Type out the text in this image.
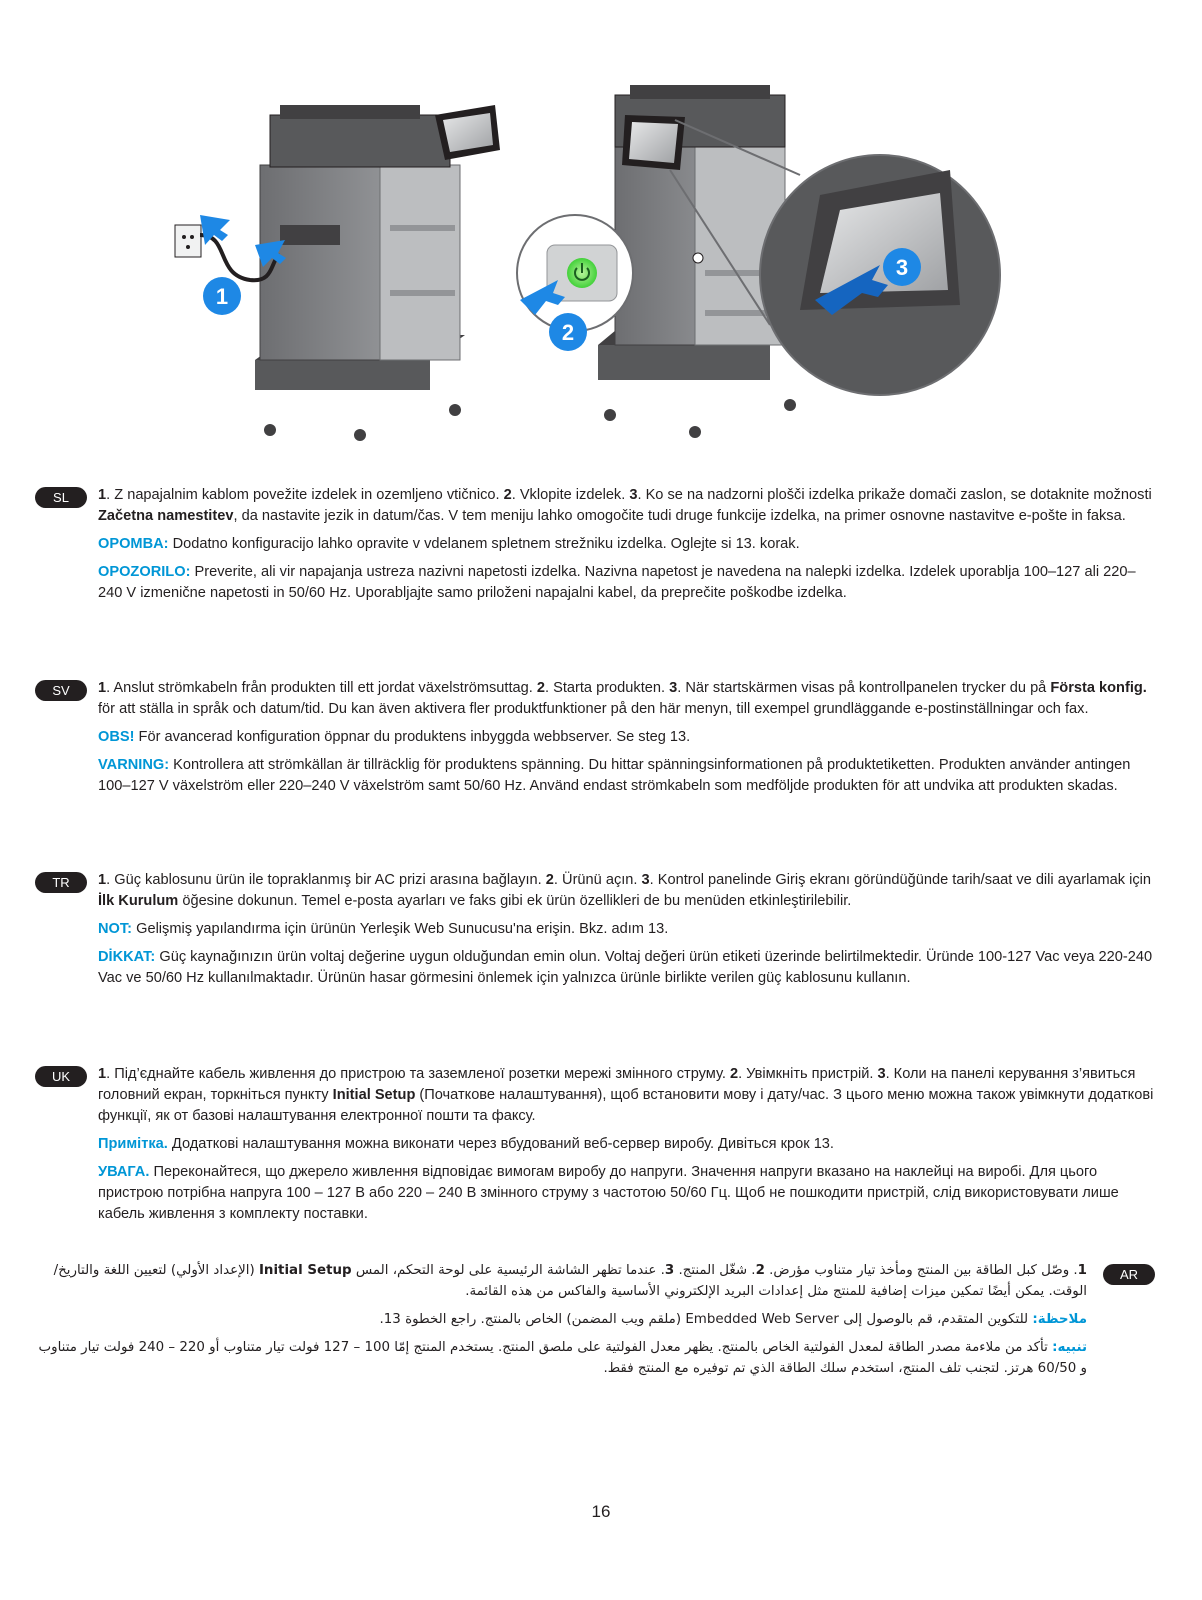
1
2
3
SL	1. Z napajalnim kablom povežite izdelek in ozemljeno vtičnico. 2. Vklopite izdelek. 3. Ko se na nadzorni plošči izdelka prikaže domači zaslon, se dotaknite možnosti Začetna namestitev, da nastavite jezik in datum/čas. V tem meniju lahko omogočite tudi druge funkcije izdelka, na primer osnovne nastavitve e-pošte in faksa.

OPOMBA: Dodatno konfiguracijo lahko opravite v vdelanem spletnem strežniku izdelka. Oglejte si 13. korak.

OPOZORILO: Preverite, ali vir napajanja ustreza nazivni napetosti izdelka. Nazivna napetost je navedena na nalepki izdelka. Izdelek uporablja 100–127 ali 220–240 V izmenične napetosti in 50/60 Hz. Uporabljajte samo priloženi napajalni kabel, da preprečite poškodbe izdelka.

SV	1. Anslut strömkabeln från produkten till ett jordat växelströmsuttag. 2. Starta produkten. 3. När startskärmen visas på kontrollpanelen trycker du på Första konfig. för att ställa in språk och datum/tid. Du kan även aktivera fler produktfunktioner på den här menyn, till exempel grundläggande e-postinställningar och fax.

OBS! För avancerad konfiguration öppnar du produktens inbyggda webbserver. Se steg 13.

VARNING: Kontrollera att strömkällan är tillräcklig för produktens spänning. Du hittar spänningsinformationen på produktetiketten. Produkten använder antingen 100–127 V växelström eller 220–240 V växelström samt 50/60 Hz. Använd endast strömkabeln som medföljde produkten för att undvika att produkten skadas.

TR	1. Güç kablosunu ürün ile topraklanmış bir AC prizi arasına bağlayın. 2. Ürünü açın. 3. Kontrol panelinde Giriş ekranı göründüğünde tarih/saat ve dili ayarlamak için İlk Kurulum öğesine dokunun. Temel e-posta ayarları ve faks gibi ek ürün özellikleri de bu menüden etkinleştirilebilir.

NOT: Gelişmiş yapılandırma için ürünün Yerleşik Web Sunucusu'na erişin. Bkz. adım 13.

DİKKAT: Güç kaynağınızın ürün voltaj değerine uygun olduğundan emin olun. Voltaj değeri ürün etiketi üzerinde belirtilmektedir. Üründe 100-127 Vac veya 220-240 Vac ve 50/60 Hz kullanılmaktadır. Ürünün hasar görmesini önlemek için yalnızca ürünle birlikte verilen güç kablosunu kullanın.

UK	1. Під’єднайте кабель живлення до пристрою та заземленої розетки мережі змінного струму. 2. Увімкніть пристрій. 3. Коли на панелі керування з’явиться головний екран, торкніться пункту Initial Setup (Початкове налаштування), щоб встановити мову і дату/час. З цього меню можна також увімкнути додаткові функції, як от базові налаштування електронної пошти та факсу.

Примітка. Додаткові налаштування можна виконати через вбудований веб-сервер виробу. Дивіться крок 13.

УВАГА. Переконайтеся, що джерело живлення відповідає вимогам виробу до напруги. Значення напруги вказано на наклейці на виробі. Для цього пристрою потрібна напруга 100 – 127 В або 220 – 240 В змінного струму з частотою 50/60 Гц. Щоб не пошкодити пристрій, слід використовувати лише кабель живлення з комплекту поставки.

AR

1. وصّل كبل الطاقة بين المنتج ومأخذ تيار متناوب مؤرض. 2. شغّل المنتج. 3. عندما تظهر الشاشة الرئيسية على لوحة التحكم، المس Initial Setup (الإعداد الأولي) لتعيين اللغة والتاريخ/الوقت. يمكن أيضًا تمكين ميزات إضافية للمنتج مثل إعدادات البريد الإلكتروني الأساسية والفاكس من هذه القائمة.

ملاحظة: للتكوين المتقدم، قم بالوصول إلى Embedded Web Server (ملقم ويب المضمن) الخاص بالمنتج. راجع الخطوة 13.

تنبيه: تأكد من ملاءمة مصدر الطاقة لمعدل الفولتية الخاص بالمنتج. يظهر معدل الفولتية على ملصق المنتج. يستخدم المنتج إمّا 100 – 127 فولت تيار متناوب أو 220 – 240 فولت تيار متناوب و 60/50 هرتز. لتجنب تلف المنتج، استخدم سلك الطاقة الذي تم توفيره مع المنتج فقط.

16
